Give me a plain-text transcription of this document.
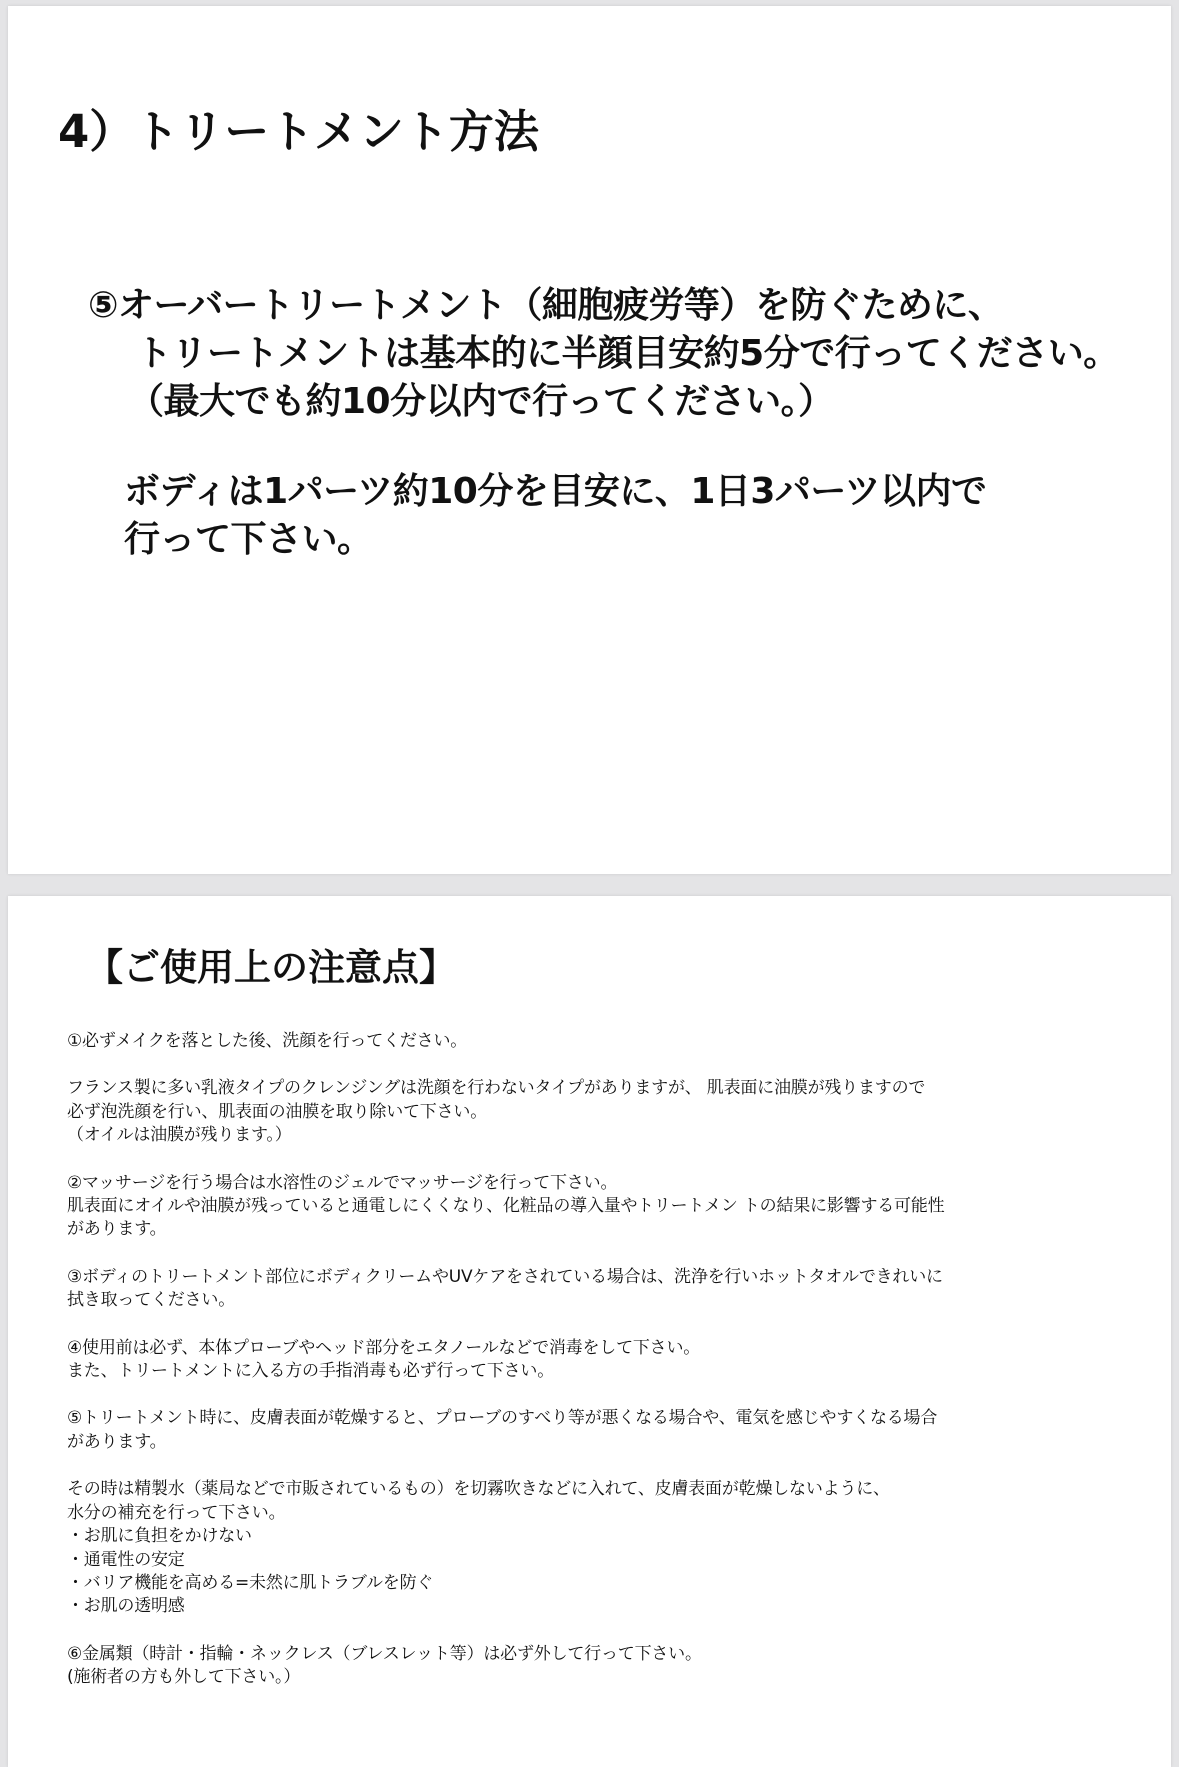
4）トリートメント方法

⑤オーバートリートメント（細胞疲労等）を防ぐために、

トリートメントは基本的に半顔目安約5分で行ってください。

（最大でも約10分以内で行ってください。）

ボディは1パーツ約10分を目安に、1日3パーツ以内で

行って下さい。

【ご使用上の注意点】
①必ずメイクを落とした後、洗顔を行ってください。
フランス製に多い乳液タイプのクレンジングは洗顔を行わないタイプがありますが、 肌表面に油膜が残りますので
必ず泡洗顔を行い、肌表面の油膜を取り除いて下さい。
（オイルは油膜が残ります。）
②マッサージを行う場合は水溶性のジェルでマッサージを行って下さい。
肌表面にオイルや油膜が残っていると通電しにくくなり、化粧品の導入量やトリートメン トの結果に影響する可能性
があります。
③ボディのトリートメント部位にボディクリームやUVケアをされている場合は、洗浄を行いホットタオルできれいに
拭き取ってください。
④使用前は必ず、本体プローブやヘッド部分をエタノールなどで消毒をして下さい。
また、トリートメントに入る方の手指消毒も必ず行って下さい。
⑤トリートメント時に、皮膚表面が乾燥すると、プローブのすべり等が悪くなる場合や、電気を感じやすくなる場合
があります。
その時は精製水（薬局などで市販されているもの）を切霧吹きなどに入れて、皮膚表面が乾燥しないように、
水分の補充を行って下さい。
・お肌に負担をかけない
・通電性の安定
・バリア機能を高める=未然に肌トラブルを防ぐ
・お肌の透明感
⑥金属類（時計・指輪・ネックレス（ブレスレット等）は必ず外して行って下さい。
(施術者の方も外して下さい。）
